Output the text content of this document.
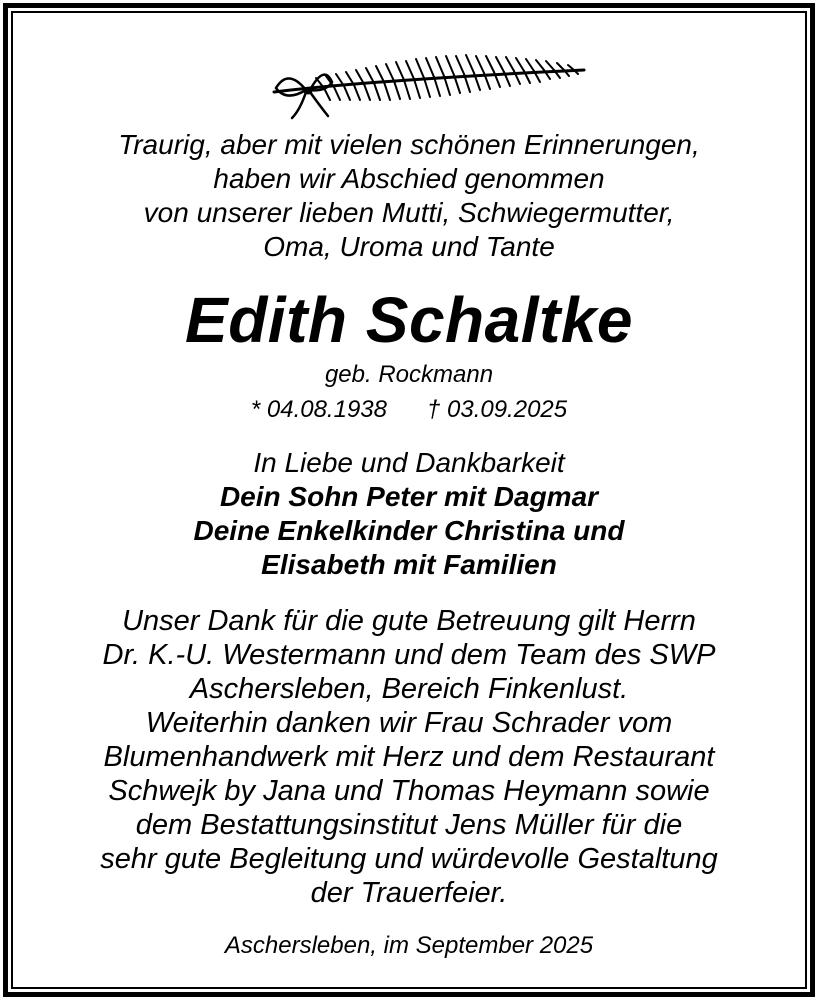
Traurig, aber mit vielen schönen Erinnerungen,
haben wir Abschied genommen
von unserer lieben Mutti, Schwiegermutter,
Oma, Uroma und Tante
Edith Schaltke
geb. Rockmann
* 04.08.1938 † 03.09.2025
In Liebe und Dankbarkeit
Dein Sohn Peter mit Dagmar
Deine Enkelkinder Christina und
Elisabeth mit Familien
Unser Dank für die gute Betreuung gilt Herrn
Dr. K.-U. Westermann und dem Team des SWP
Aschersleben, Bereich Finkenlust.
Weiterhin danken wir Frau Schrader vom
Blumenhandwerk mit Herz und dem Restaurant
Schwejk by Jana und Thomas Heymann sowie
dem Bestattungsinstitut Jens Müller für die
sehr gute Begleitung und würdevolle Gestaltung
der Trauerfeier.
Aschersleben, im September 2025
